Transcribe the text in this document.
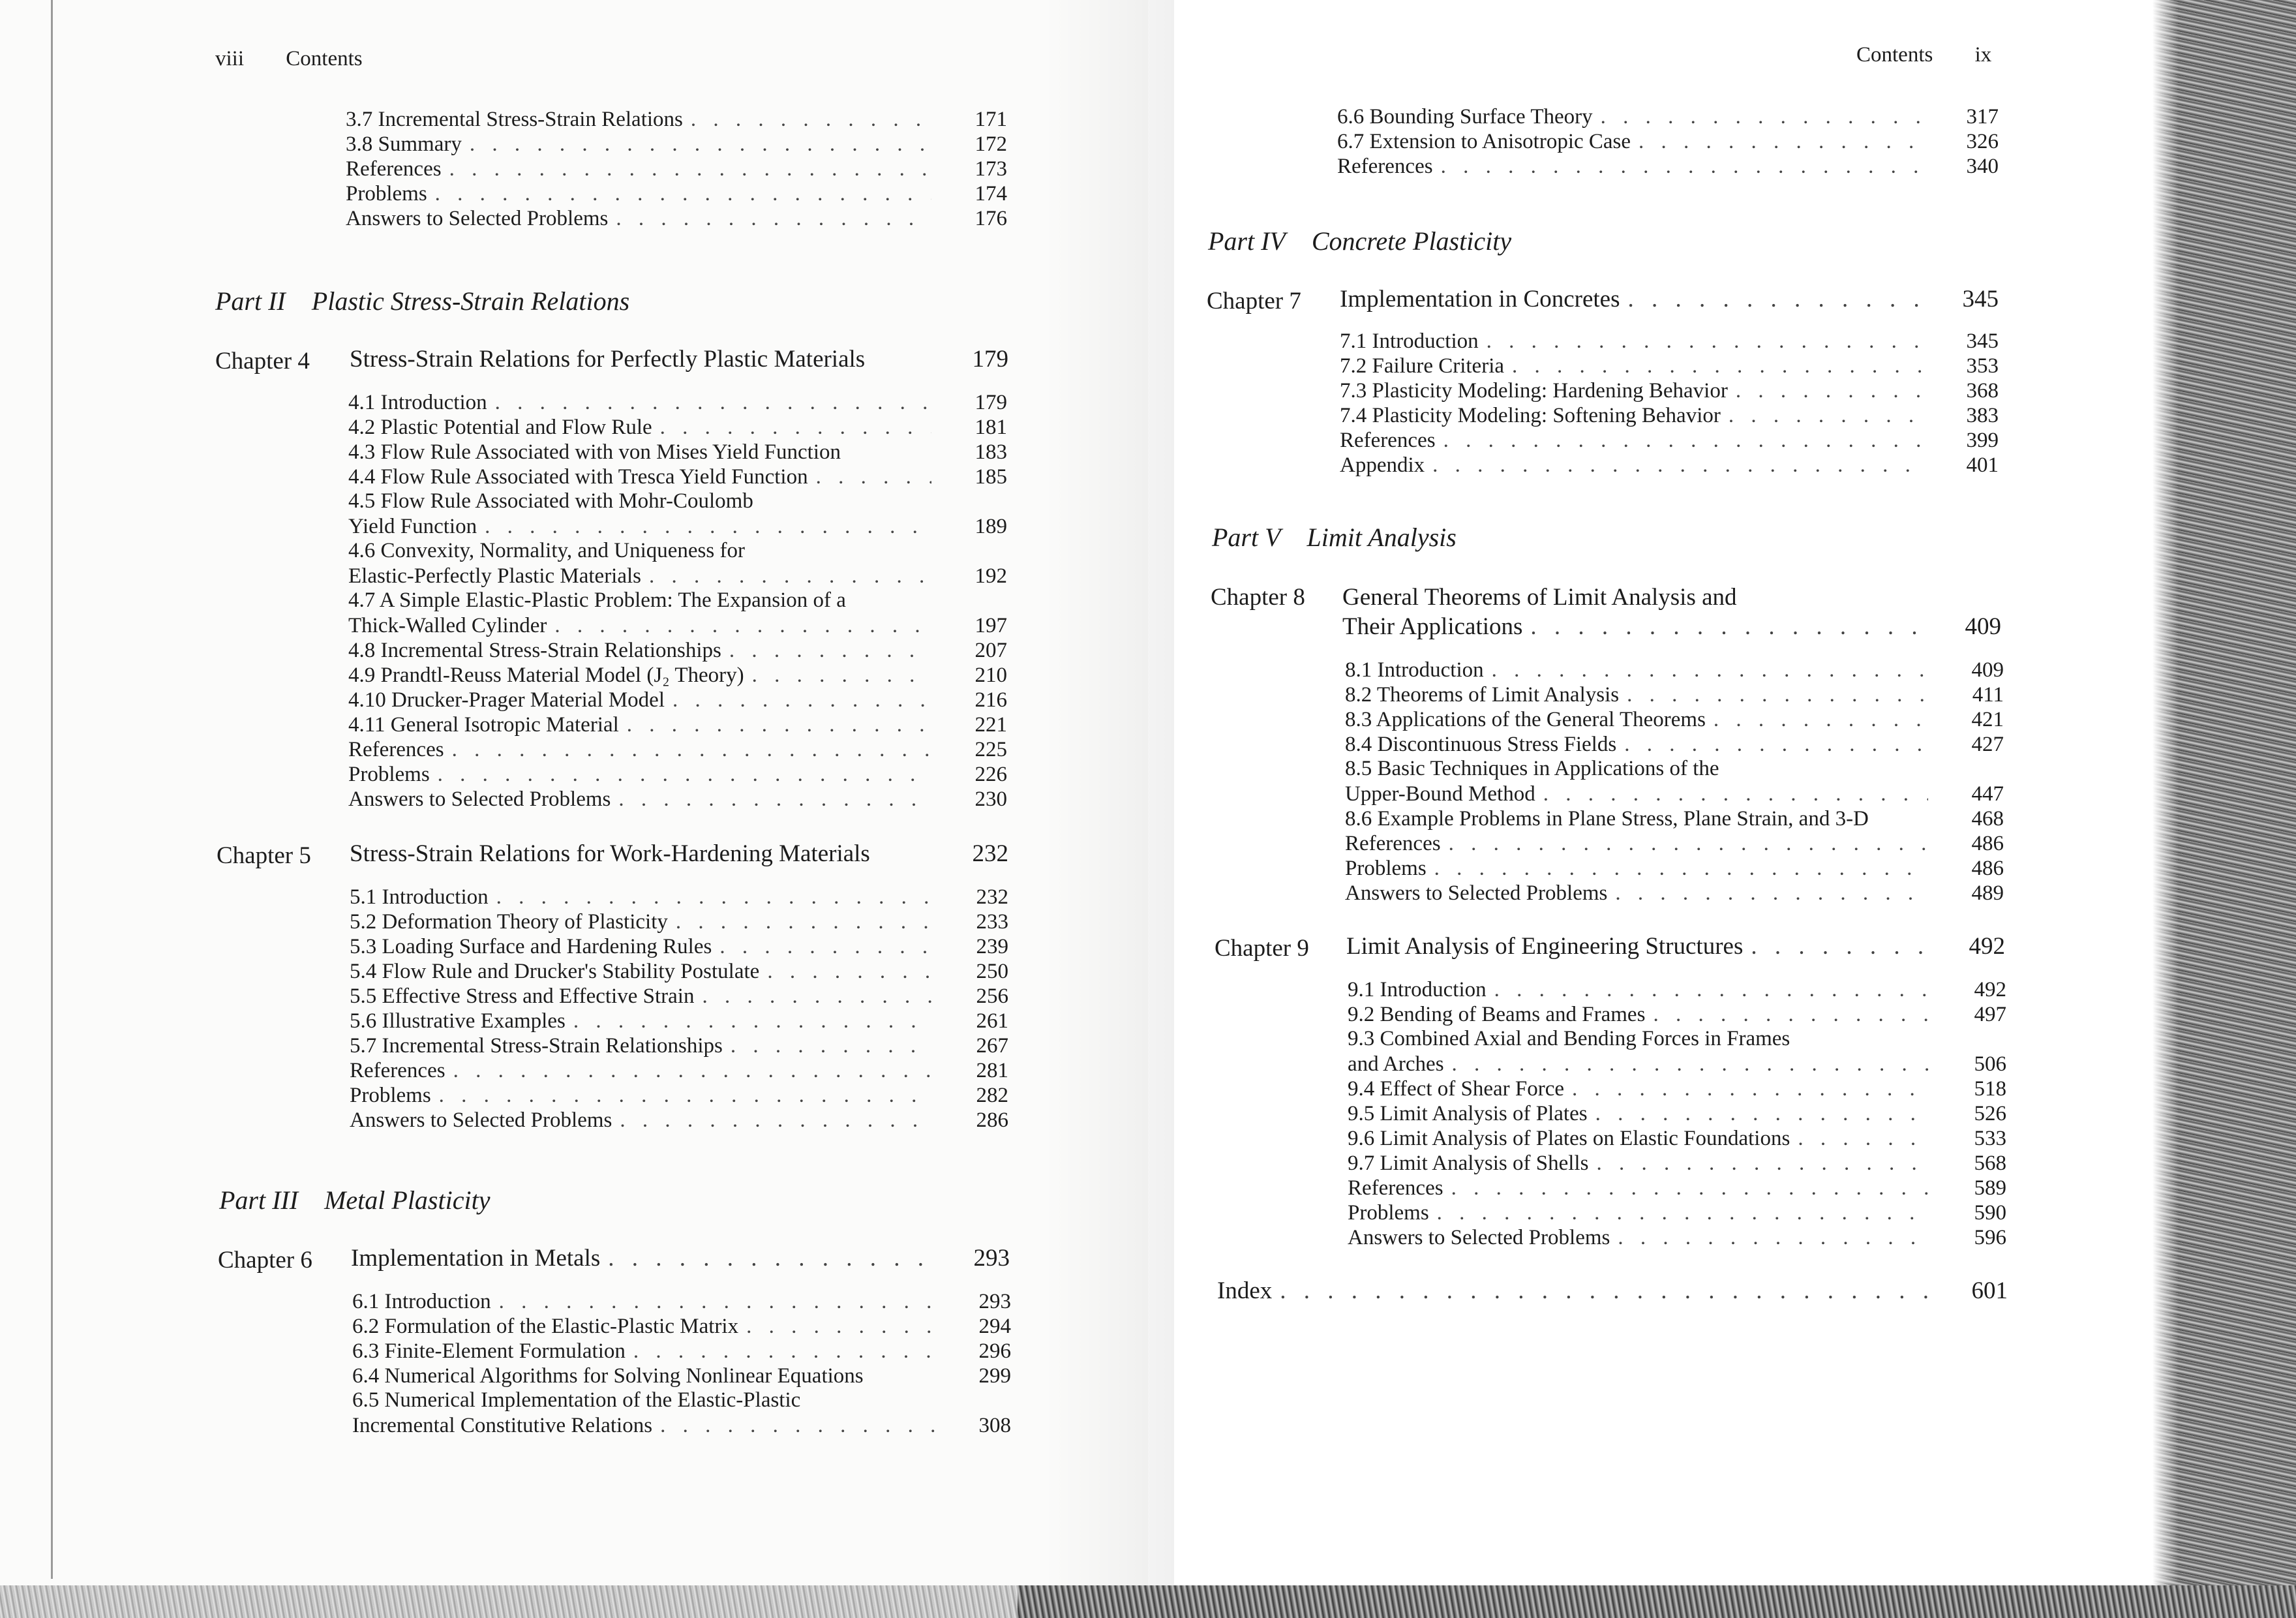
viii Contents
3.7 Incremental Stress-Strain Relations . . .	171
3.8 Summary . . .	172
References . . .	173
Problems . . .	174
Answers to Selected Problems . . .	176
Part II Plastic Stress-Strain Relations
Chapter 4 Stress-Strain Relations for Perfectly Plastic Materials	179
4.1 Introduction . . .	179
4.2 Plastic Potential and Flow Rule . . .	181
4.3 Flow Rule Associated with von Mises Yield Function	183
4.4 Flow Rule Associated with Tresca Yield Function . . .	185
4.5 Flow Rule Associated with Mohr-Coulomb
Yield Function . . .	189
4.6 Convexity, Normality, and Uniqueness for
Elastic-Perfectly Plastic Materials . . .	192
4.7 A Simple Elastic-Plastic Problem: The Expansion of a
Thick-Walled Cylinder . . .	197
4.8 Incremental Stress-Strain Relationships . . .	207
4.9 Prandtl-Reuss Material Model (J₂ Theory) . . .	210
4.10 Drucker-Prager Material Model . . .	216
4.11 General Isotropic Material . . .	221
References . . .	225
Problems . . .	226
Answers to Selected Problems . . .	230
Chapter 5 Stress-Strain Relations for Work-Hardening Materials	232
5.1 Introduction . . .	232
5.2 Deformation Theory of Plasticity . . .	233
5.3 Loading Surface and Hardening Rules . . .	239
5.4 Flow Rule and Drucker's Stability Postulate . . .	250
5.5 Effective Stress and Effective Strain . . .	256
5.6 Illustrative Examples . . .	261
5.7 Incremental Stress-Strain Relationships . . .	267
References . . .	281
Problems . . .	282
Answers to Selected Problems . . .	286
Part III Metal Plasticity
Chapter 6 Implementation in Metals . . .	293
6.1 Introduction . . .	293
6.2 Formulation of the Elastic-Plastic Matrix . . .	294
6.3 Finite-Element Formulation . . .	296
6.4 Numerical Algorithms for Solving Nonlinear Equations	299
6.5 Numerical Implementation of the Elastic-Plastic
Incremental Constitutive Relations . . .	308
Contents ix
6.6 Bounding Surface Theory . . .	317
6.7 Extension to Anisotropic Case . . .	326
References . . .	340
Part IV Concrete Plasticity
Chapter 7 Implementation in Concretes . . .	345
7.1 Introduction . . .	345
7.2 Failure Criteria . . .	353
7.3 Plasticity Modeling: Hardening Behavior . . .	368
7.4 Plasticity Modeling: Softening Behavior . . .	383
References . . .	399
Appendix . . .	401
Part V Limit Analysis
Chapter 8 General Theorems of Limit Analysis and
Their Applications . . .	409
8.1 Introduction . . .	409
8.2 Theorems of Limit Analysis . . .	411
8.3 Applications of the General Theorems . . .	421
8.4 Discontinuous Stress Fields . . .	427
8.5 Basic Techniques in Applications of the
Upper-Bound Method . . .	447
8.6 Example Problems in Plane Stress, Plane Strain, and 3-D	468
References . . .	486
Problems . . .	486
Answers to Selected Problems . . .	489
Chapter 9 Limit Analysis of Engineering Structures . . .	492
9.1 Introduction . . .	492
9.2 Bending of Beams and Frames . . .	497
9.3 Combined Axial and Bending Forces in Frames
and Arches . . .	506
9.4 Effect of Shear Force . . .	518
9.5 Limit Analysis of Plates . . .	526
9.6 Limit Analysis of Plates on Elastic Foundations . . .	533
9.7 Limit Analysis of Shells . . .	568
References . . .	589
Problems . . .	590
Answers to Selected Problems . . .	596
Index . . .	601
